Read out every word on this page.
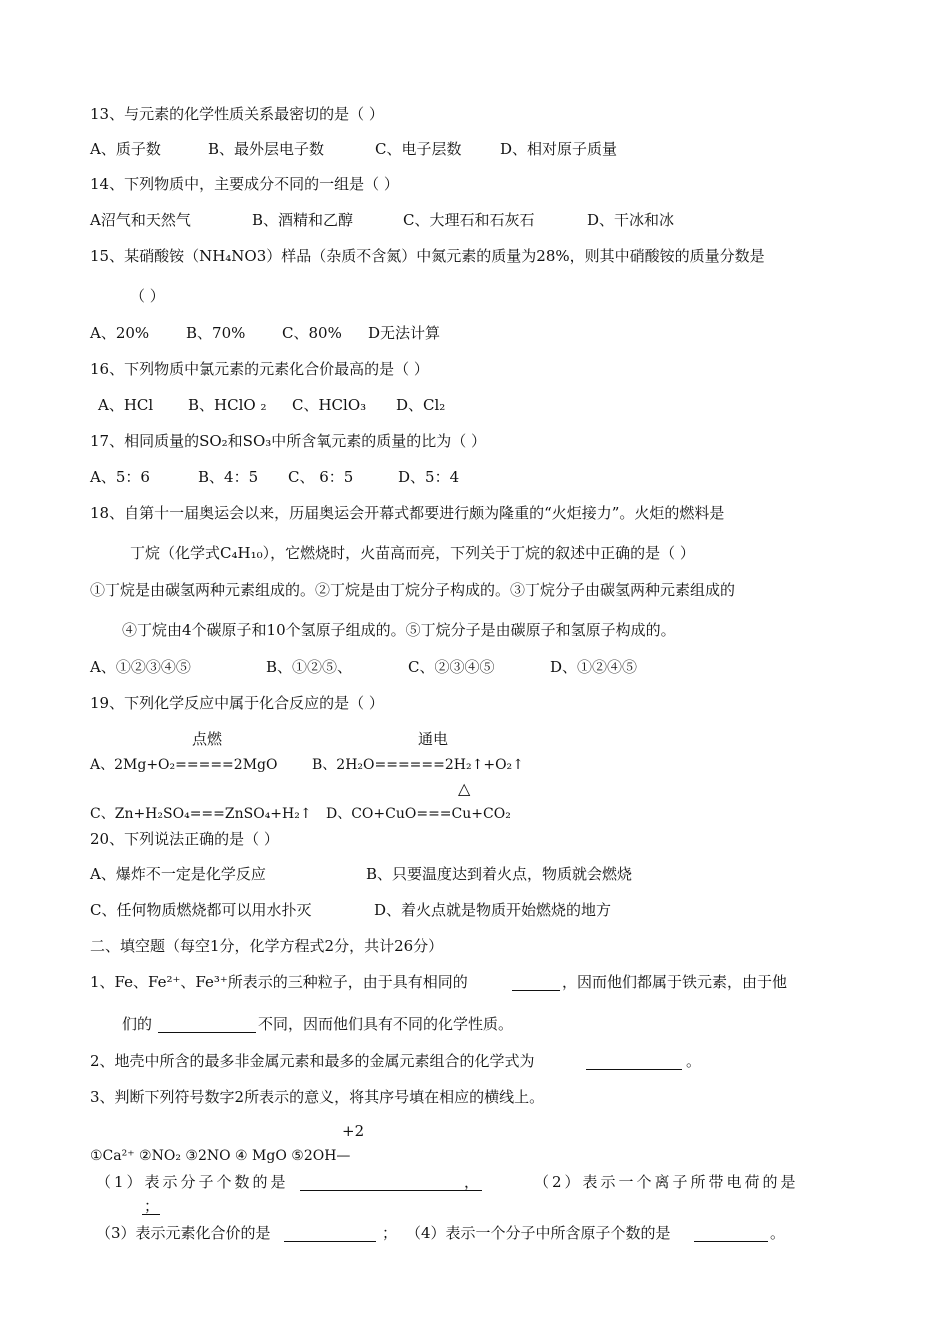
13、与元素的化学性质关系最密切的是（ ）
A、质子数	B、最外层电子数	C、电子层数	D、相对原子质量
14、下列物质中，主要成分不同的一组是（ ）
A沼气和天然气	B、酒精和乙醇	C、大理石和石灰石	D、干冰和冰
15、某硝酸铵（NH₄NO3）样品（杂质不含氮）中氮元素的质量为28%，则其中硝酸铵的质量分数是
（ ）
A、20% B、70% C、80% D无法计算
16、下列物质中氯元素的元素化合价最高的是（ ）
A、HCl B、HClO ₂ C、HClO₃ D、Cl₂
17、相同质量的SO₂和SO₃中所含氧元素的质量的比为（ ）
A、5：6	B、4：5 C、 6：5	D、5：4
18、自第十一届奥运会以来，历届奥运会开幕式都要进行颇为隆重的“火炬接力”。火炬的燃料是
丁烷（化学式C₄H₁₀），它燃烧时，火苗高而亮，下列关于丁烷的叙述中正确的是（ ）
①丁烷是由碳氢两种元素组成的。②丁烷是由丁烷分子构成的。③丁烷分子由碳氢两种元素组成的
④丁烷由4个碳原子和10个氢原子组成的。⑤丁烷分子是由碳原子和氢原子构成的。
A、①②③④⑤	B、①②⑤、	C、②③④⑤	D、①②④⑤
19、下列化学反应中属于化合反应的是（ ）
点燃	通电
A、2Mg+O₂=====2MgO B、2H₂O======2H₂↑+O₂↑
△
C、Zn+H₂SO₄===ZnSO₄+H₂↑ D、CO+CuO===Cu+CO₂
20、下列说法正确的是（ ）
A、爆炸不一定是化学反应	B、只要温度达到着火点，物质就会燃烧
C、任何物质燃烧都可以用水扑灭	D、着火点就是物质开始燃烧的地方
二、填空题（每空1分，化学方程式2分，共计26分）
1、Fe、Fe²⁺、Fe³⁺所表示的三种粒子，由于具有相同的	，因而他们都属于铁元素，由于他
们的	不同，因而他们具有不同的化学性质。
2、地壳中所含的最多非金属元素和最多的金属元素组合的化学式为	。
3、判断下列符号数字2所表示的意义，将其序号填在相应的横线上。
+2
①Ca²⁺ ②NO₂ ③2NO ④ MgO ⑤2OH—
（1）表示分子个数的是	，	（2）表示一个离子所带电荷的是
；
（3）表示元素化合价的是	； （4）表示一个分子中所含原子个数的是	。
